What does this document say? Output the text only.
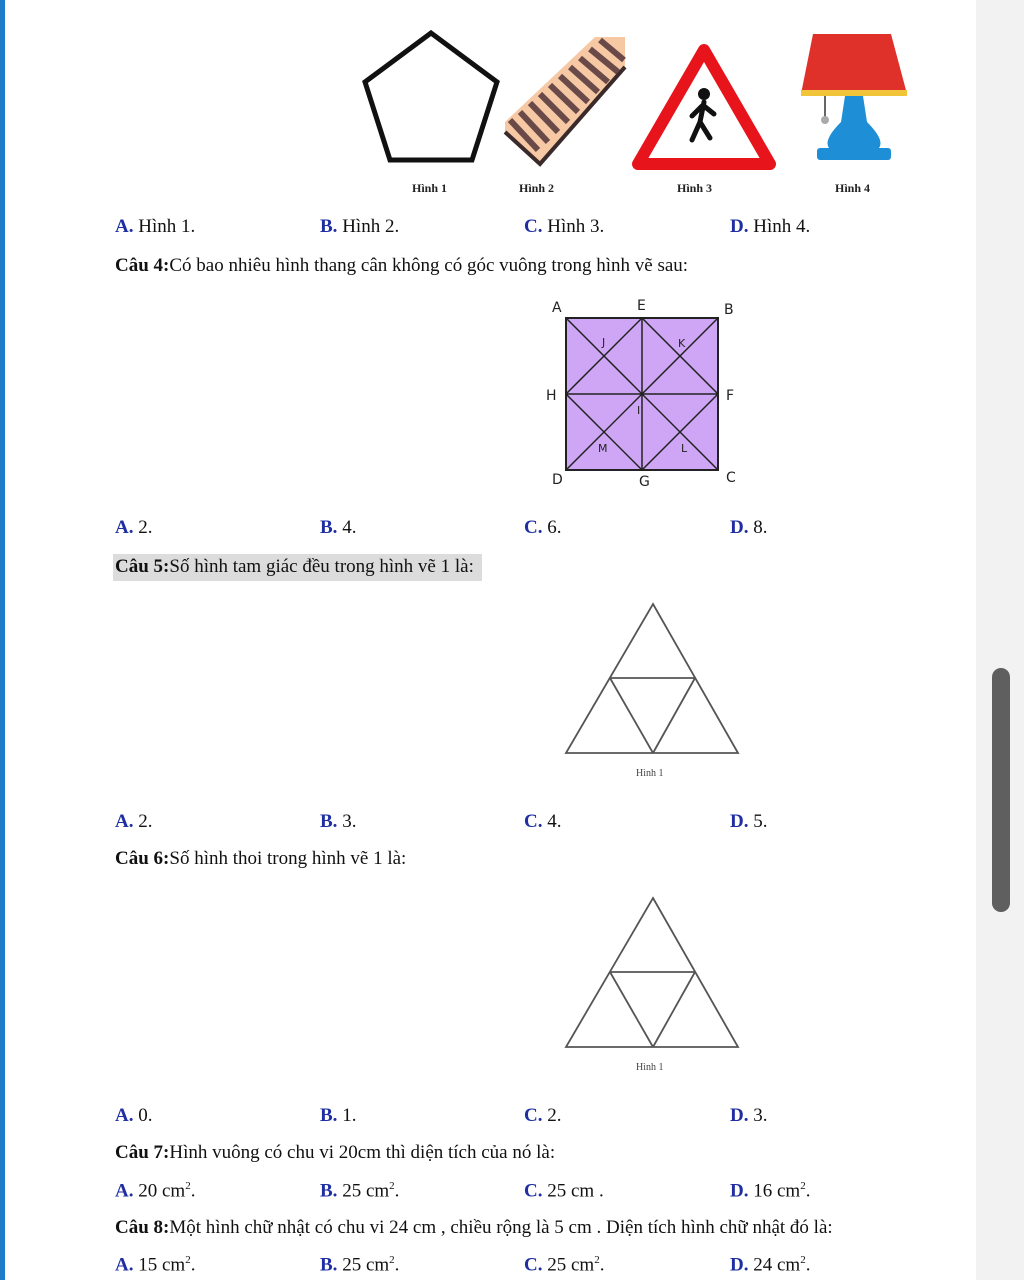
Hình 1	Hình 2	Hình 3	Hình 4
A. Hình 1.	B. Hình 2.	C. Hình 3.	D. Hình 4.
Câu 4:Có bao nhiêu hình thang cân không có góc vuông trong hình vẽ sau:
A	E	B
J	K
H	F
I
M	L
D	G	C
A. 2.	B. 4.	C. 6.	D. 8.
Câu 5:Số hình tam giác đều trong hình vẽ 1 là:
Hình 1
A. 2.	B. 3.	C. 4.	D. 5.
Câu 6:Số hình thoi trong hình vẽ 1 là:
Hình 1
A. 0.	B. 1.	C. 2.	D. 3.
Câu 7:Hình vuông có chu vi 20cm thì diện tích của nó là:
A. 20 $cm^2$.	B. 25 $cm^2$.	C. 25 cm .	D. 16 $cm^2$.
Câu 8:Một hình chữ nhật có chu vi 24 cm , chiều rộng là 5 cm . Diện tích hình chữ nhật đó là:
A. 15 $cm^2$.	B. 25 $cm^2$.	C. 25 $cm^2$.	D. 24 $cm^2$.
